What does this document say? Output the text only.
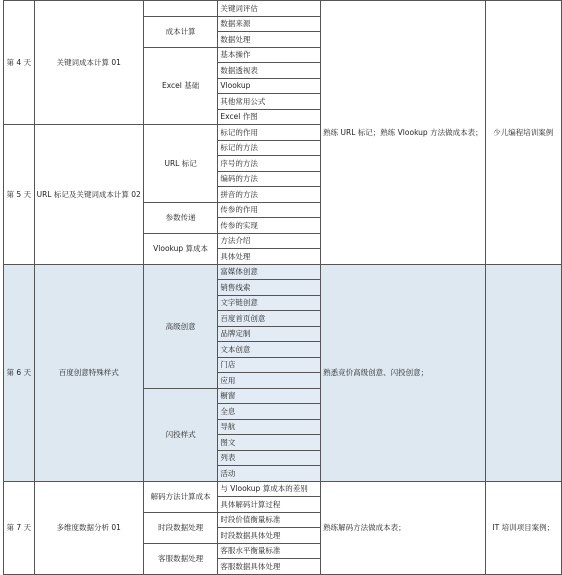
第 4 天	关键词成本计算 01		关键词评估	熟练 URL 标记；熟练 Vlookup 方法做成本表；	少儿编程培训案例
		成本计算	数据来源		
			数据处理		
		Excel 基础	基本操作		
			数据透视表		
			Vlookup		
			其他常用公式		
			Excel 作图		
第 5 天	URL 标记及关键词成本计算 02	URL 标记	标记的作用		
			标记的方法		
			序号的方法		
			编码的方法		
			拼音的方法		
		参数传递	传参的作用		
			传参的实现		
		Vlookup 算成本	方法介绍		
			具体处理		
第 6 天	百度创意特殊样式	高级创意	富媒体创意	熟悉竞价高级创意、闪投创意；	
			销售线索		
			文字链创意		
			百度首页创意		
			品牌定制		
			文本创意		
			门店		
			应用		
		闪投样式	橱窗		
			全息		
			导航		
			图文		
			列表		
			活动		
第 7 天	多维度数据分析 01	解码方法计算成本	与 Vlookup 算成本的差别	熟练解码方法做成本表；	IT 培训项目案例；
			具体解码计算过程		
		时段数据处理	时段价值衡量标准		
			时段数据具体处理		
		客服数据处理	客服水平衡量标准		
			客服数据具体处理		
